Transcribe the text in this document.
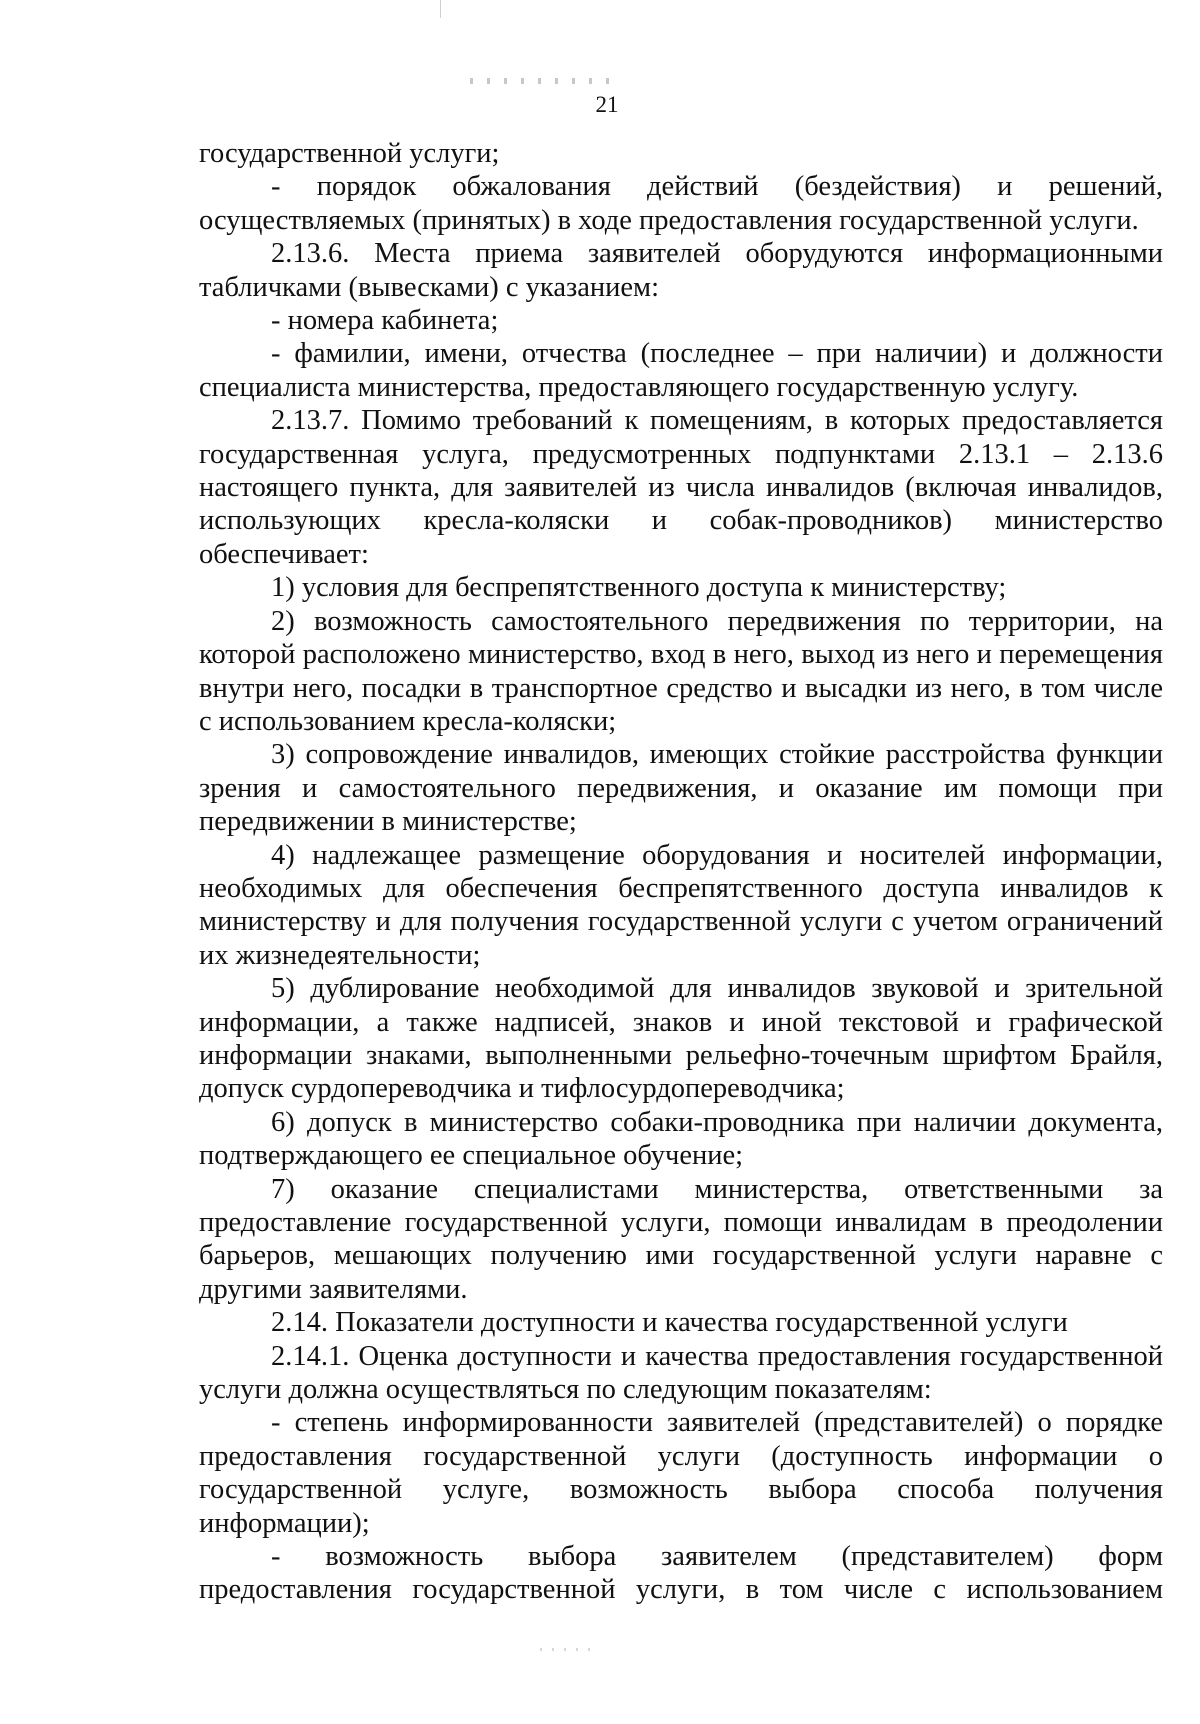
21

государственной услуги;

- порядок обжалования действий (бездействия) и решений, осуществляемых (принятых) в ходе предоставления государственной услуги.

2.13.6. Места приема заявителей оборудуются информационными табличками (вывесками) с указанием:

- номера кабинета;

- фамилии, имени, отчества (последнее – при наличии) и должности специалиста министерства, предоставляющего государственную услугу.

2.13.7. Помимо требований к помещениям, в которых предоставляется государственная услуга, предусмотренных подпунктами 2.13.1 – 2.13.6 настоящего пункта, для заявителей из числа инвалидов (включая инвалидов, использующих кресла-коляски и собак-проводников) министерство обеспечивает:

1) условия для беспрепятственного доступа к министерству;

2) возможность самостоятельного передвижения по территории, на которой расположено министерство, вход в него, выход из него и перемещения внутри него, посадки в транспортное средство и высадки из него, в том числе с использованием кресла-коляски;

3) сопровождение инвалидов, имеющих стойкие расстройства функции зрения и самостоятельного передвижения, и оказание им помощи при передвижении в министерстве;

4) надлежащее размещение оборудования и носителей информации, необходимых для обеспечения беспрепятственного доступа инвалидов к министерству и для получения государственной услуги с учетом ограничений их жизнедеятельности;

5) дублирование необходимой для инвалидов звуковой и зрительной информации, а также надписей, знаков и иной текстовой и графической информации знаками, выполненными рельефно-точечным шрифтом Брайля, допуск сурдопереводчика и тифлосурдопереводчика;

6) допуск в министерство собаки-проводника при наличии документа, подтверждающего ее специальное обучение;

7) оказание специалистами министерства, ответственными за предоставление государственной услуги, помощи инвалидам в преодолении барьеров, мешающих получению ими государственной услуги наравне с другими заявителями.

2.14. Показатели доступности и качества государственной услуги

2.14.1. Оценка доступности и качества предоставления государственной услуги должна осуществляться по следующим показателям:

- степень информированности заявителей (представителей) о порядке предоставления государственной услуги (доступность информации о государственной услуге, возможность выбора способа получения информации);

- возможность выбора заявителем (представителем) форм предоставления государственной услуги, в том числе с использованием
